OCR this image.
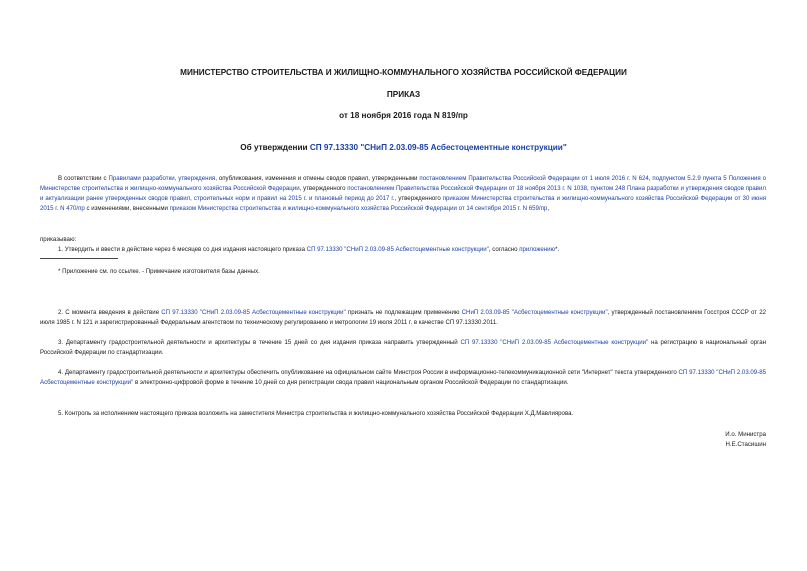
МИНИСТЕРСТВО СТРОИТЕЛЬСТВА И ЖИЛИЩНО-КОММУНАЛЬНОГО ХОЗЯЙСТВА РОССИЙСКОЙ ФЕДЕРАЦИИ
ПРИКАЗ
от 18 ноября 2016 года N 819/пр
Об утверждении СП 97.13330 "СНиП 2.03.09-85 Асбестоцементные конструкции"
В соответствии с Правилами разработки, утверждения, опубликования, изменения и отмены сводов правил, утвержденными постановлением Правительства Российской Федерации от 1 июля 2016 г. N 624, подпунктом 5.2.9 пункта 5 Положения о Министерстве строительства и жилищно-коммунального хозяйства Российской Федерации, утвержденного постановлением Правительства Российской Федерации от 18 ноября 2013 г. N 1038, пунктом 248 Плана разработки и утверждения сводов правил и актуализации ранее утвержденных сводов правил, строительных норм и правил на 2015 г. и плановый период до 2017 г., утвержденного приказом Министерства строительства и жилищно-коммунального хозяйства Российской Федерации от 30 июня 2015 г. N 470/пр с изменениями, внесенными приказом Министерства строительства и жилищно-коммунального хозяйства Российской Федерации от 14 сентября 2015 г. N 659/пр,
приказываю:
1. Утвердить и ввести в действие через 6 месяцев со дня издания настоящего приказа СП 97.13330 "СНиП 2.03.09-85 Асбестоцементные конструкции", согласно приложению*.
* Приложение см. по ссылке. - Примечание изготовителя базы данных.
2. С момента введения в действие СП 97.13330 "СНиП 2.03.09-85 Асбестоцементные конструкции" признать не подлежащим применению СНиП 2.03.09-85 "Асбестоцементные конструкции", утвержденный постановлением Госстроя СССР от 22 июля 1985 г. N 121 и зарегистрированный Федеральным агентством по техническому регулированию и метрологии 19 июля 2011 г. в качестве СП 97.13330.2011.
3. Департаменту градостроительной деятельности и архитектуры в течение 15 дней со дня издания приказа направить утвержденный СП 97.13330 "СНиП 2.03.09-85 Асбестоцементные конструкции" на регистрацию в национальный орган Российской Федерации по стандартизации.
4. Департаменту градостроительной деятельности и архитектуры обеспечить опубликование на официальном сайте Минстроя России в информационно-телекоммуникационной сети "Интернет" текста утвержденного СП 97.13330 "СНиП 2.03.09-85 Асбестоцементные конструкции" в электронно-цифровой форме в течение 10 дней со дня регистрации свода правил национальным органом Российской Федерации по стандартизации.
5. Контроль за исполнением настоящего приказа возложить на заместителя Министра строительства и жилищно-коммунального хозяйства Российской Федерации Х.Д.Мавлиярова.
И.о. Министра
Н.Е.Стасишин
